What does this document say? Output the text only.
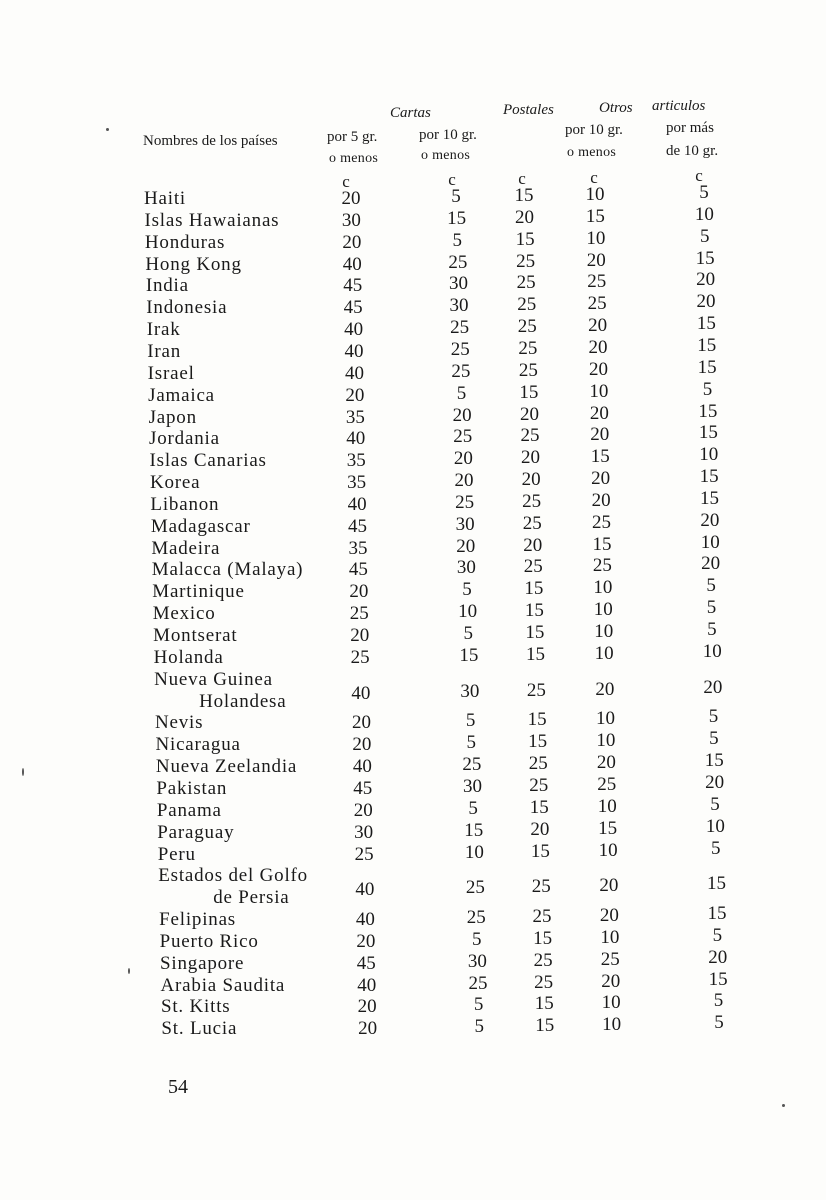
Cartas	Postales	Otros articulos
Nombres de los países	por 5 gr.	por 10 gr.	por 10 gr.	por más
o menos	o menos	o menos	de 10 gr.
c	c	c	c	c
Haiti	20	5	15	10	5
Islas Hawaianas	30	15	20	15	10
Honduras	20	5	15	10	5
Hong Kong	40	25	25	20	15
India	45	30	25	25	20
Indonesia	45	30	25	25	20
Irak	40	25	25	20	15
Iran	40	25	25	20	15
Israel	40	25	25	20	15
Jamaica	20	5	15	10	5
Japon	35	20	20	20	15
Jordania	40	25	25	20	15
Islas Canarias	35	20	20	15	10
Korea	35	20	20	20	15
Libanon	40	25	25	20	15
Madagascar	45	30	25	25	20
Madeira	35	20	20	15	10
Malacca (Malaya)	45	30	25	25	20
Martinique	20	5	15	10	5
Mexico	25	10	15	10	5
Montserat	20	5	15	10	5
Holanda	25	15	15	10	10
Nueva Guinea
Holandesa	40	30	25	20	20
Nevis	20	5	15	10	5
Nicaragua	20	5	15	10	5
Nueva Zeelandia	40	25	25	20	15
Pakistan	45	30	25	25	20
Panama	20	5	15	10	5
Paraguay	30	15	20	15	10
Peru	25	10	15	10	5
Estados del Golfo
de Persia	40	25	25	20	15
Felipinas	40	25	25	20	15
Puerto Rico	20	5	15	10	5
Singapore	45	30	25	25	20
Arabia Saudita	40	25	25	20	15
St. Kitts	20	5	15	10	5
St. Lucia	20	5	15	10	5
54
